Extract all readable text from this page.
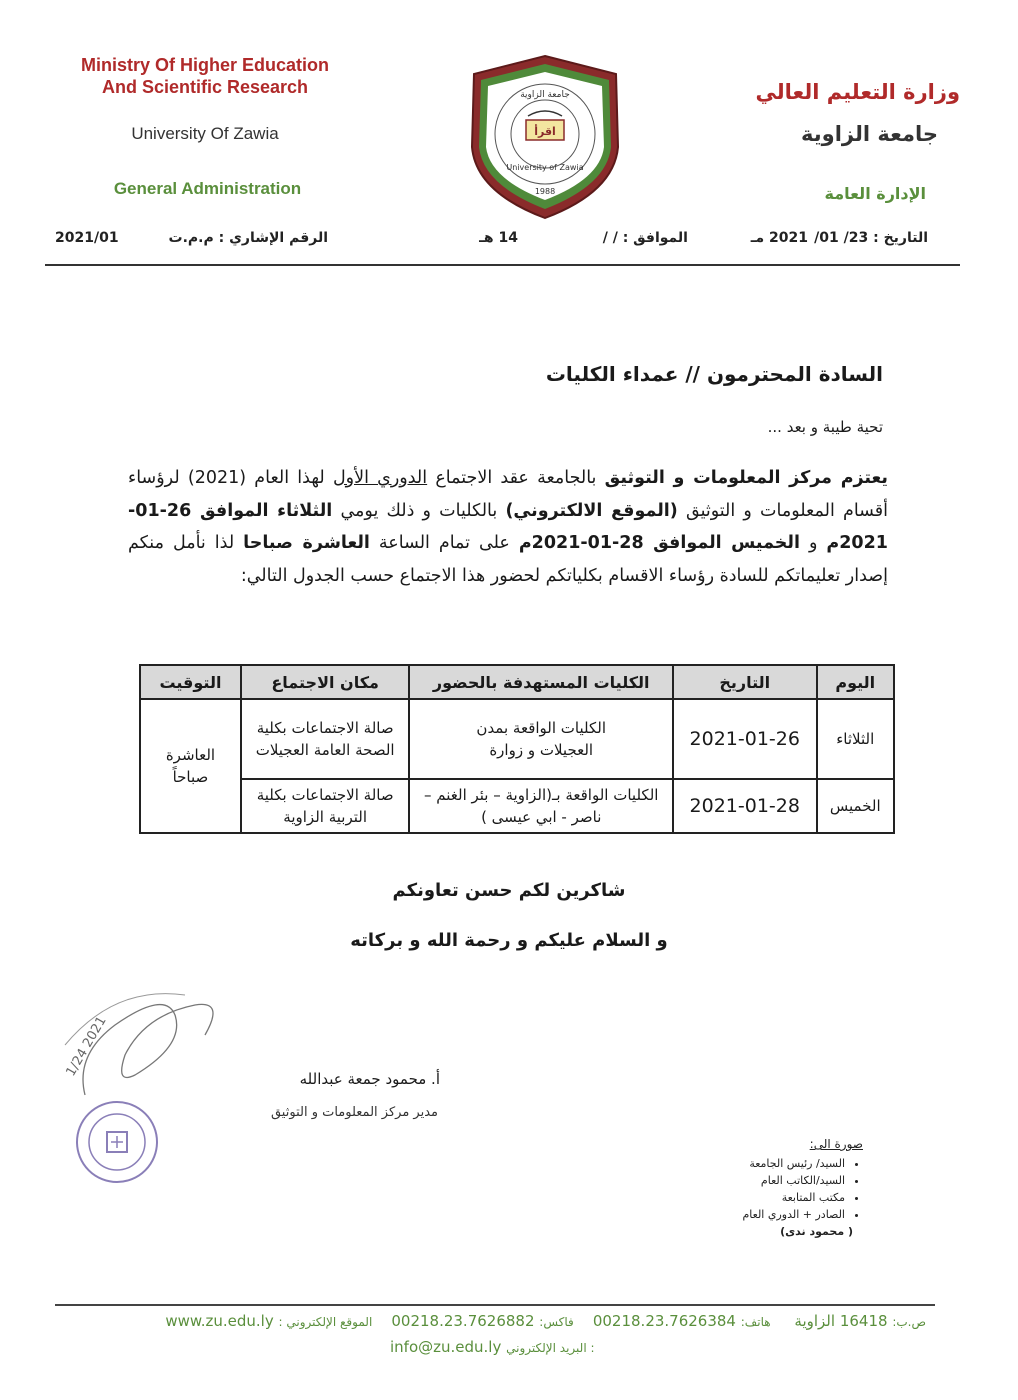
Ministry Of Higher Education
And Scientific Research
University Of Zawia
General Administration
وزارة التعليم العالي
جامعة الزاوية
الإدارة العامة
اقرأ
جامعة الزاوية
University of Zawia
1988
التاريخ : 23/ 01/
2021 مـ
الموافق : / /
14 هـ
الرقم الإشاري : م.م.ت
2021/01
السادة المحترمون // عمداء الكليات
تحية طيبة و بعد ...
يعتزم مركز المعلومات و التوثيق بالجامعة عقد الاجتماع الدوري الأول لهذا العام (2021) لرؤساء أقسام المعلومات و التوثيق (الموقع الالكتروني) بالكليات و ذلك يومي الثلاثاء الموافق 26-01-2021م و الخميس الموافق 28-01-2021م على تمام الساعة العاشرة صباحا لذا نأمل منكم إصدار تعليماتكم للسادة رؤساء الاقسام بكلياتكم لحضور هذا الاجتماع حسب الجدول التالي:
اليوم	التاريخ	الكليات المستهدفة بالحضور	مكان الاجتماع	التوقيت
الثلاثاء	2021-01-26	الكليات الواقعة بمدن العجيلات و زوارة	صالة الاجتماعات بكلية الصحة العامة العجيلات	العاشرة صباحاً
الخميس	2021-01-28	الكليات الواقعة بـ(الزاوية – بئر الغنم – ناصر - ابي عيسى )	صالة الاجتماعات بكلية التربية الزاوية	
شاكرين لكم حسن تعاونكم
و السلام عليكم و رحمة الله و بركاته
1/24 2021	أ. محمود جمعة عبدالله
مدير مركز المعلومات و التوثيق
صورة الى:
• السيد/ رئيس الجامعة
• السيد/الكاتب العام
• مكتب المتابعة
• الصادر + الدوري العام
( محمود ندى)
ص.ب: 16418 الزاوية     هاتف: 00218.23.7626384    فاكس: 00218.23.7626882    الموقع الإلكتروني : www.zu.edu.ly
info@zu.edu.ly البريد الإلكتروني :
